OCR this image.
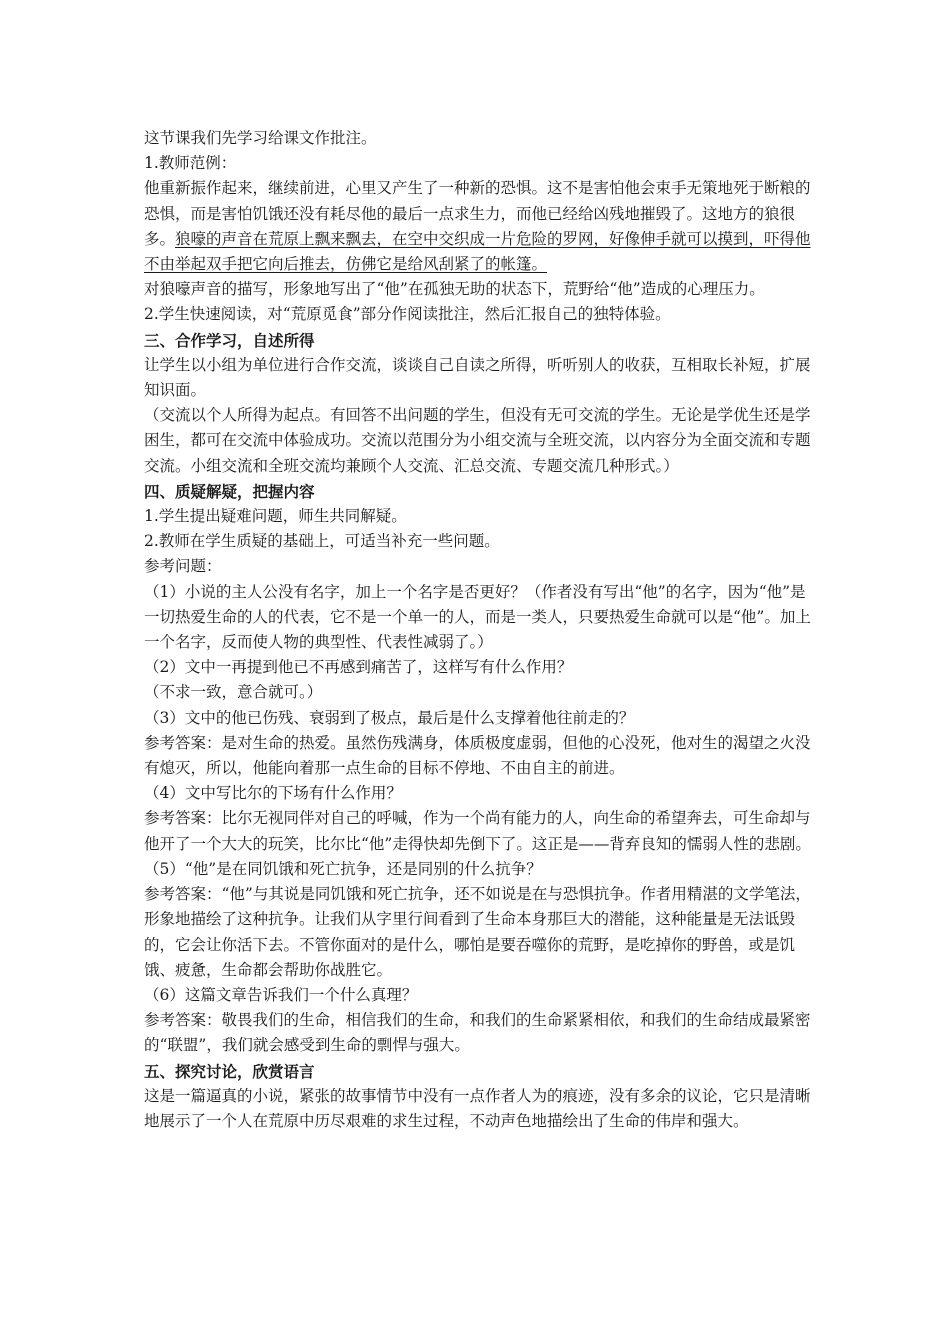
这节课我们先学习给课文作批注。

1.教师范例：

他重新振作起来，继续前进，心里又产生了一种新的恐惧。这不是害怕他会束手无策地死于断粮的恐惧，而是害怕饥饿还没有耗尽他的最后一点求生力，而他已经给凶残地摧毁了。这地方的狼很多。狼嚎的声音在荒原上飘来飘去，在空中交织成一片危险的罗网，好像伸手就可以摸到，吓得他不由举起双手把它向后推去，仿佛它是给风刮紧了的帐篷。

对狼嚎声音的描写，形象地写出了“他”在孤独无助的状态下，荒野给“他”造成的心理压力。

2.学生快速阅读，对“荒原觅食”部分作阅读批注，然后汇报自己的独特体验。

三、合作学习，自述所得

让学生以小组为单位进行合作交流，谈谈自己自读之所得，听听别人的收获，互相取长补短，扩展知识面。

（交流以个人所得为起点。有回答不出问题的学生，但没有无可交流的学生。无论是学优生还是学困生，都可在交流中体验成功。交流以范围分为小组交流与全班交流，以内容分为全面交流和专题交流。小组交流和全班交流均兼顾个人交流、汇总交流、专题交流几种形式。）

四、质疑解疑，把握内容

1.学生提出疑难问题，师生共同解疑。

2.教师在学生质疑的基础上，可适当补充一些问题。

参考问题：

（1）小说的主人公没有名字，加上一个名字是否更好？（作者没有写出“他”的名字，因为“他”是一切热爱生命的人的代表，它不是一个单一的人，而是一类人，只要热爱生命就可以是“他”。加上一个名字，反而使人物的典型性、代表性减弱了。）

（2）文中一再提到他已不再感到痛苦了，这样写有什么作用？

（不求一致，意合就可。）

（3）文中的他已伤残、衰弱到了极点，最后是什么支撑着他往前走的？

参考答案：是对生命的热爱。虽然伤残满身，体质极度虚弱，但他的心没死，他对生的渴望之火没有熄灭，所以，他能向着那一点生命的目标不停地、不由自主的前进。

（4）文中写比尔的下场有什么作用？

参考答案：比尔无视同伴对自己的呼喊，作为一个尚有能力的人，向生命的希望奔去，可生命却与他开了一个大大的玩笑，比尔比“他”走得快却先倒下了。这正是——背弃良知的懦弱人性的悲剧。

（5）“他”是在同饥饿和死亡抗争，还是同别的什么抗争？

参考答案：“他”与其说是同饥饿和死亡抗争，还不如说是在与恐惧抗争。作者用精湛的文学笔法，形象地描绘了这种抗争。让我们从字里行间看到了生命本身那巨大的潜能，这种能量是无法诋毁的，它会让你活下去。不管你面对的是什么，哪怕是要吞噬你的荒野，是吃掉你的野兽，或是饥饿、疲惫，生命都会帮助你战胜它。

（6）这篇文章告诉我们一个什么真理？

参考答案：敬畏我们的生命，相信我们的生命，和我们的生命紧紧相依，和我们的生命结成最紧密的“联盟”，我们就会感受到生命的剽悍与强大。

五、探究讨论，欣赏语言

这是一篇逼真的小说，紧张的故事情节中没有一点作者人为的痕迹，没有多余的议论，它只是清晰地展示了一个人在荒原中历尽艰难的求生过程，不动声色地描绘出了生命的伟岸和强大。
